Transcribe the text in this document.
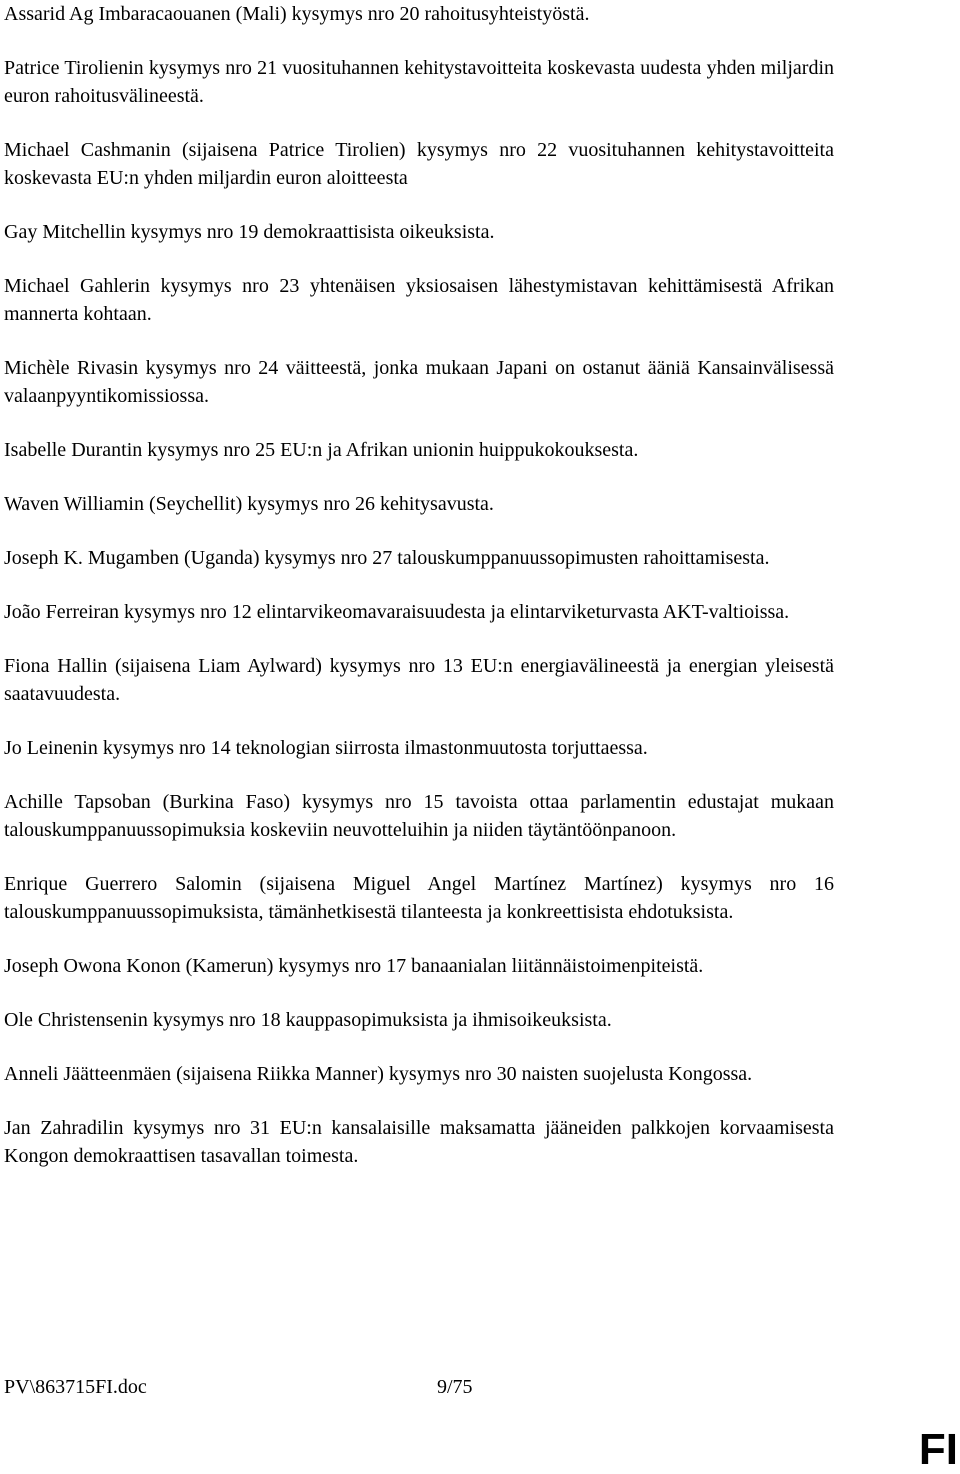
Assarid Ag Imbaracaouanen (Mali) kysymys nro 20 rahoitusyhteistyöstä.

Patrice Tirolienin kysymys nro 21 vuosituhannen kehitystavoitteita koskevasta uudesta yhden miljardin euron rahoitusvälineestä.

Michael Cashmanin (sijaisena Patrice Tirolien) kysymys nro 22 vuosituhannen kehitystavoitteita koskevasta EU:n yhden miljardin euron aloitteesta

Gay Mitchellin kysymys nro 19 demokraattisista oikeuksista.

Michael Gahlerin kysymys nro 23 yhtenäisen yksiosaisen lähestymistavan kehittämisestä Afrikan mannerta kohtaan.

Michèle Rivasin kysymys nro 24 väitteestä, jonka mukaan Japani on ostanut ääniä Kansainvälisessä valaanpyyntikomissiossa.

Isabelle Durantin kysymys nro 25 EU:n ja Afrikan unionin huippukokouksesta.

Waven Williamin (Seychellit) kysymys nro 26 kehitysavusta.

Joseph K. Mugamben (Uganda) kysymys nro 27 talouskumppanuussopimusten rahoittamisesta.

João Ferreiran kysymys nro 12 elintarvikeomavaraisuudesta ja elintarviketurvasta AKT-valtioissa.

Fiona Hallin (sijaisena Liam Aylward) kysymys nro 13 EU:n energiavälineestä ja energian yleisestä saatavuudesta.

Jo Leinenin kysymys nro 14 teknologian siirrosta ilmastonmuutosta torjuttaessa.

Achille Tapsoban (Burkina Faso) kysymys nro 15 tavoista ottaa parlamentin edustajat mukaan talouskumppanuussopimuksia koskeviin neuvotteluihin ja niiden täytäntöönpanoon.

Enrique Guerrero Salomin (sijaisena Miguel Angel Martínez Martínez) kysymys nro 16 talouskumppanuussopimuksista, tämänhetkisestä tilanteesta ja konkreettisista ehdotuksista.

Joseph Owona Konon (Kamerun) kysymys nro 17 banaanialan liitännäistoimenpiteistä.

Ole Christensenin kysymys nro 18 kauppasopimuksista ja ihmisoikeuksista.

Anneli Jäätteenmäen (sijaisena Riikka Manner) kysymys nro 30 naisten suojelusta Kongossa.

Jan Zahradilin kysymys nro 31 EU:n kansalaisille maksamatta jääneiden palkkojen korvaamisesta Kongon demokraattisen tasavallan toimesta.

PV\863715FI.doc	9/75
FI
